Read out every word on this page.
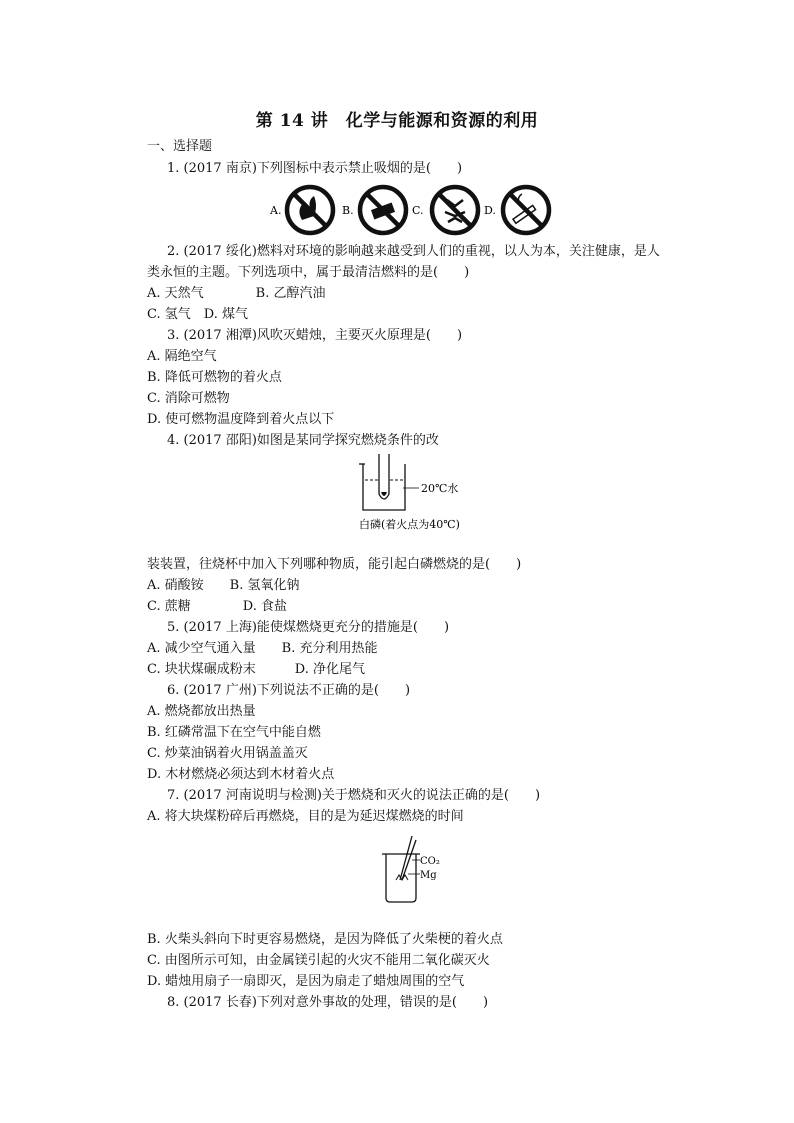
第 14 讲　化学与能源和资源的利用
一、选择题
1. (2017 南京)下列图标中表示禁止吸烟的是(　　)
A.	B.	C.	D.
2. (2017 绥化)燃料对环境的影响越来越受到人们的重视，以人为本，关注健康，是人
类永恒的主题。下列选项中，属于最清洁燃料的是(　　)
A. 天然气　　　　B. 乙醇汽油
C. 氢气　D. 煤气
3. (2017 湘潭)风吹灭蜡烛，主要灭火原理是(　　)
A. 隔绝空气
B. 降低可燃物的着火点
C. 消除可燃物
D. 使可燃物温度降到着火点以下
4. (2017 邵阳)如图是某同学探究燃烧条件的改
20℃水
白磷(着火点为40℃)
装装置，往烧杯中加入下列哪种物质，能引起白磷燃烧的是(　　)
A. 硝酸铵　　B. 氢氧化钠
C. 蔗糖　　　　D. 食盐
5. (2017 上海)能使煤燃烧更充分的措施是(　　)
A. 减少空气通入量　　B. 充分利用热能
C. 块状煤碾成粉末　　　D. 净化尾气
6. (2017 广州)下列说法不正确的是(　　)
A. 燃烧都放出热量
B. 红磷常温下在空气中能自燃
C. 炒菜油锅着火用锅盖盖灭
D. 木材燃烧必须达到木材着火点
7. (2017 河南说明与检测)关于燃烧和灭火的说法正确的是(　　)
A. 将大块煤粉碎后再燃烧，目的是为延迟煤燃烧的时间
CO₂
Mg
B. 火柴头斜向下时更容易燃烧，是因为降低了火柴梗的着火点
C. 由图所示可知，由金属镁引起的火灾不能用二氧化碳灭火
D. 蜡烛用扇子一扇即灭，是因为扇走了蜡烛周围的空气
8. (2017 长春)下列对意外事故的处理，错误的是(　　)
